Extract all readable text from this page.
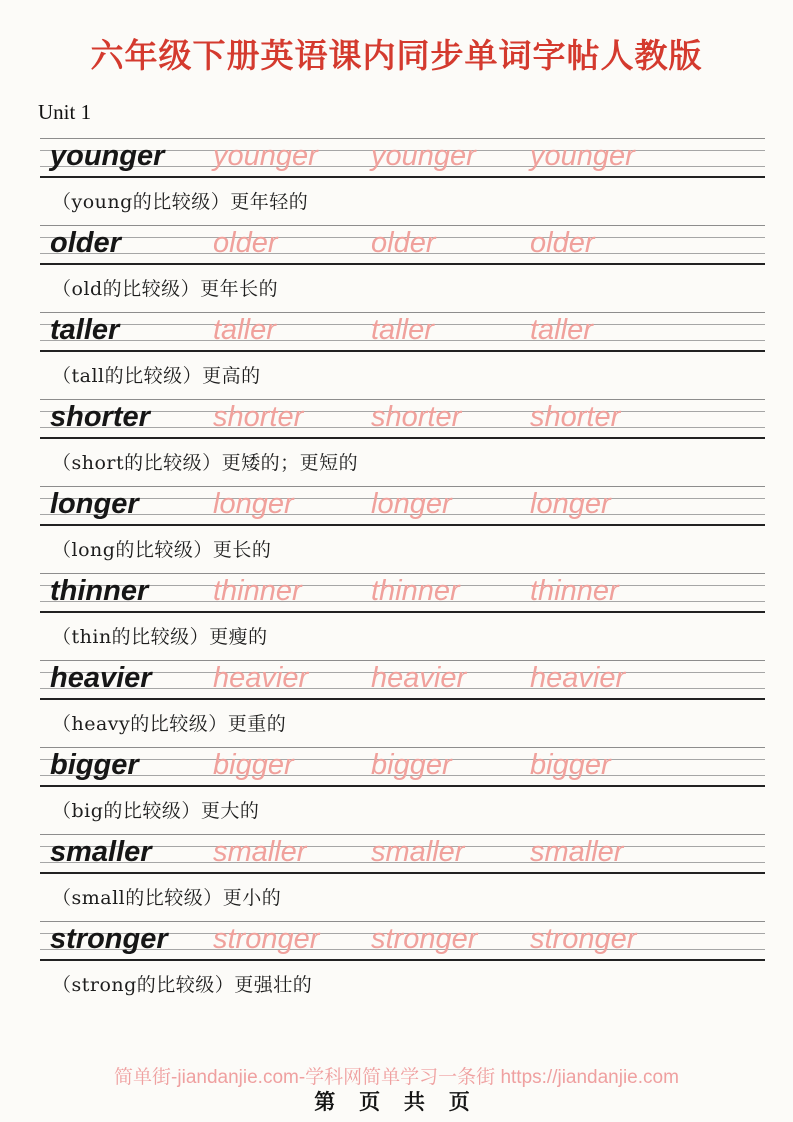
六年级下册英语课内同步单词字帖人教版
Unit 1
younger younger younger younger
（young的比较级）更年轻的
older	older	older	older
（old的比较级）更年长的
taller	taller	taller	taller
（tall的比较级）更高的
shorter shorter shorter shorter
（short的比较级）更矮的；更短的
longer	longer	longer	longer
（long的比较级）更长的
thinner thinner thinner thinner
（thin的比较级）更瘦的
heavier heavier heavier heavier
（heavy的比较级）更重的
bigger	bigger	bigger	bigger
（big的比较级）更大的
smaller smaller smaller smaller
（small的比较级）更小的
stronger stronger stronger stronger
（strong的比较级）更强壮的
简单街-jiandanjie.com-学科网简单学习一条街 https://jiandanjie.com
第 页 共 页
